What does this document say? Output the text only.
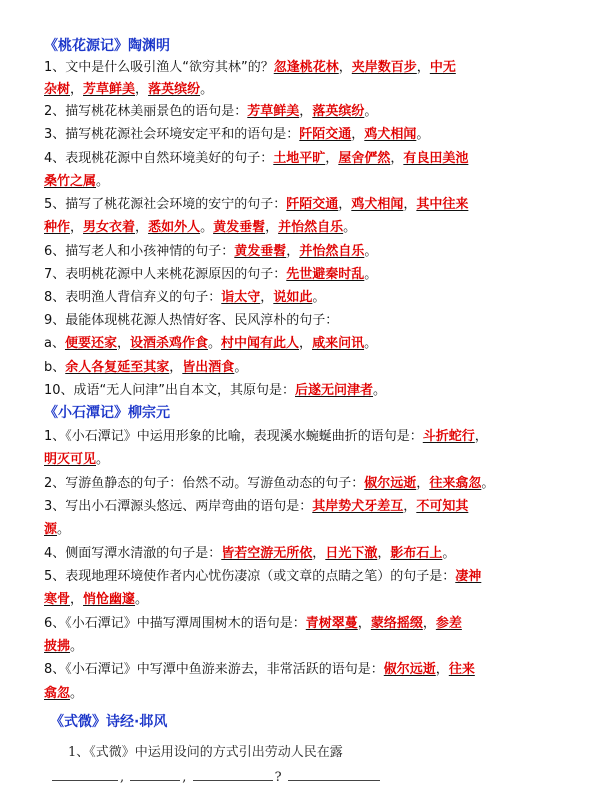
《桃花源记》陶渊明
1、文中是什么吸引渔人“欲穷其林”的？忽逢桃花林，夹岸数百步，中无
杂树，芳草鲜美，落英缤纷。
2、描写桃花林美丽景色的语句是：芳草鲜美，落英缤纷。
3、描写桃花源社会环境安定平和的语句是：阡陌交通，鸡犬相闻。
4、表现桃花源中自然环境美好的句子：土地平旷，屋舍俨然，有良田美池
桑竹之属。
5、描写了桃花源社会环境的安宁的句子：阡陌交通，鸡犬相闻，其中往来
种作，男女衣着，悉如外人。黄发垂髫，并怡然自乐。
6、描写老人和小孩神情的句子：黄发垂髫，并怡然自乐。
7、表明桃花源中人来桃花源原因的句子：先世避秦时乱。
8、表明渔人背信弃义的句子：诣太守，说如此。
9、最能体现桃花源人热情好客、民风淳朴的句子：
a、便要还家，设酒杀鸡作食。村中闻有此人，咸来问讯。
b、余人各复延至其家，皆出酒食。
10、成语“无人问津”出自本文，其原句是：后遂无问津者。
《小石潭记》柳宗元
1、《小石潭记》中运用形象的比喻，表现溪水蜿蜒曲折的语句是：斗折蛇行，
明灭可见。
2、写游鱼静态的句子：佁然不动。写游鱼动态的句子：俶尔远逝，往来翕忽。
3、写出小石潭源头悠远、两岸弯曲的语句是：其岸势犬牙差互，不可知其
源。
4、侧面写潭水清澈的句子是：皆若空游无所依，日光下澈，影布石上。
5、表现地理环境使作者内心忧伤凄凉（或文章的点睛之笔）的句子是：凄神
寒骨，悄怆幽邃。
6、《小石潭记》中描写潭周围树木的语句是：青树翠蔓，蒙络摇缀，参差
披拂。
8、《小石潭记》中写潭中鱼游来游去，非常活跃的语句是：俶尔远逝，往来
翕忽。
《式微》诗经·邶风
1、《式微》中运用设问的方式引出劳动人民在露
,	,	?
